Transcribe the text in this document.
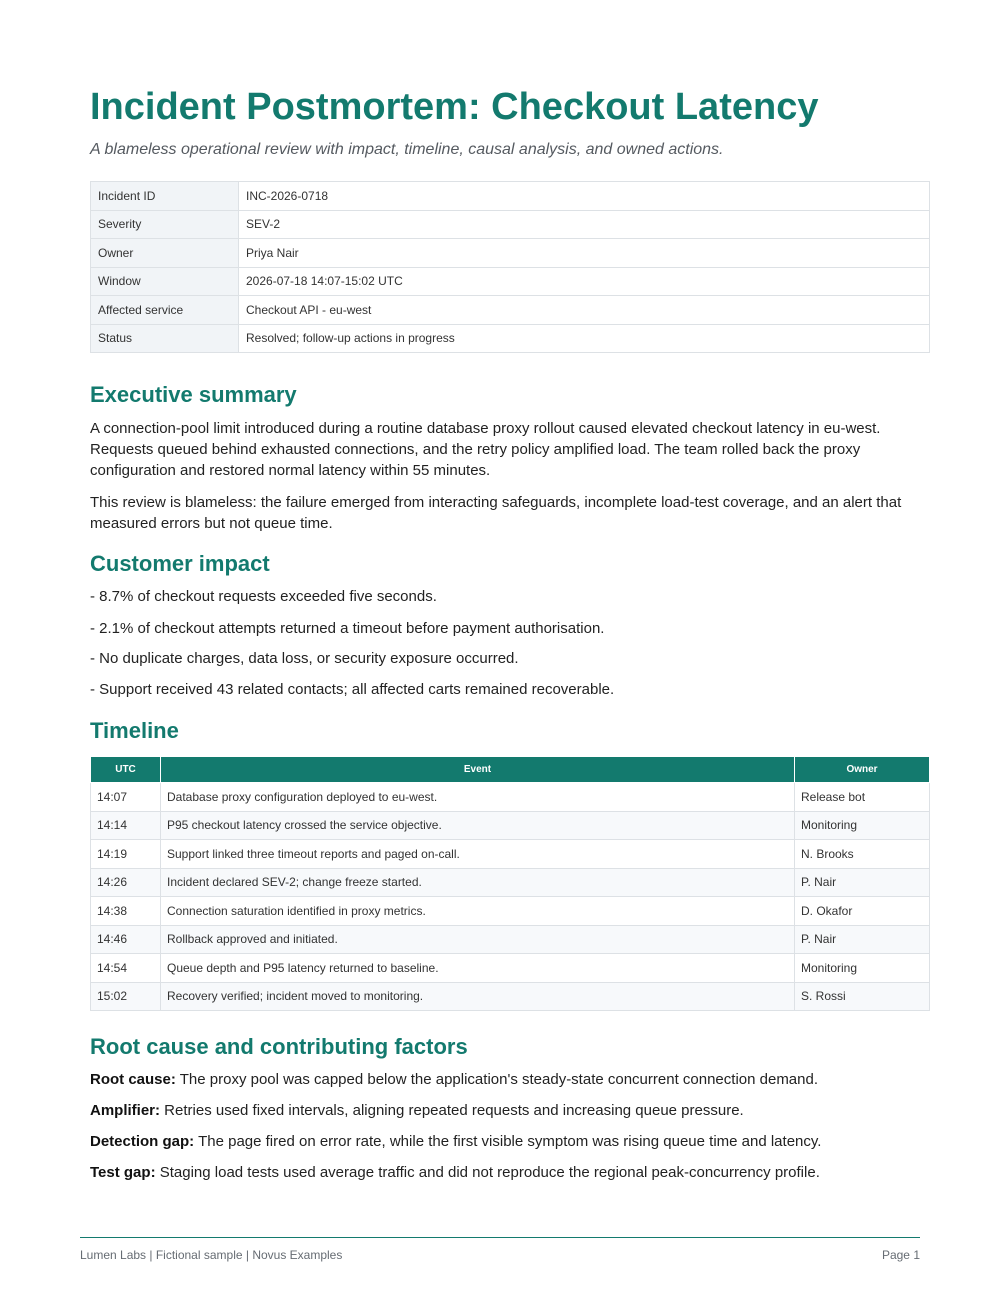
Incident Postmortem: Checkout Latency
A blameless operational review with impact, timeline, causal analysis, and owned actions.
Incident ID	INC-2026-0718
Severity	SEV-2
Owner	Priya Nair
Window	2026-07-18 14:07-15:02 UTC
Affected service	Checkout API - eu-west
Status	Resolved; follow-up actions in progress
Executive summary

A connection-pool limit introduced during a routine database proxy rollout caused elevated checkout latency in eu-west. Requests queued behind exhausted connections, and the retry policy amplified load. The team rolled back the proxy configuration and restored normal latency within 55 minutes.

This review is blameless: the failure emerged from interacting safeguards, incomplete load-test coverage, and an alert that measured errors but not queue time.

Customer impact

- 8.7% of checkout requests exceeded five seconds.

- 2.1% of checkout attempts returned a timeout before payment authorisation.

- No duplicate charges, data loss, or security exposure occurred.

- Support received 43 related contacts; all affected carts remained recoverable.

Timeline
UTC	Event	Owner
14:07	Database proxy configuration deployed to eu-west.	Release bot
14:14	P95 checkout latency crossed the service objective.	Monitoring
14:19	Support linked three timeout reports and paged on-call.	N. Brooks
14:26	Incident declared SEV-2; change freeze started.	P. Nair
14:38	Connection saturation identified in proxy metrics.	D. Okafor
14:46	Rollback approved and initiated.	P. Nair
14:54	Queue depth and P95 latency returned to baseline.	Monitoring
15:02	Recovery verified; incident moved to monitoring.	S. Rossi
Root cause and contributing factors

Root cause: The proxy pool was capped below the application's steady-state concurrent connection demand.

Amplifier: Retries used fixed intervals, aligning repeated requests and increasing queue pressure.

Detection gap: The page fired on error rate, while the first visible symptom was rising queue time and latency.

Test gap: Staging load tests used average traffic and did not reproduce the regional peak-concurrency profile.

Lumen Labs | Fictional sample | Novus Examples	Page 1
